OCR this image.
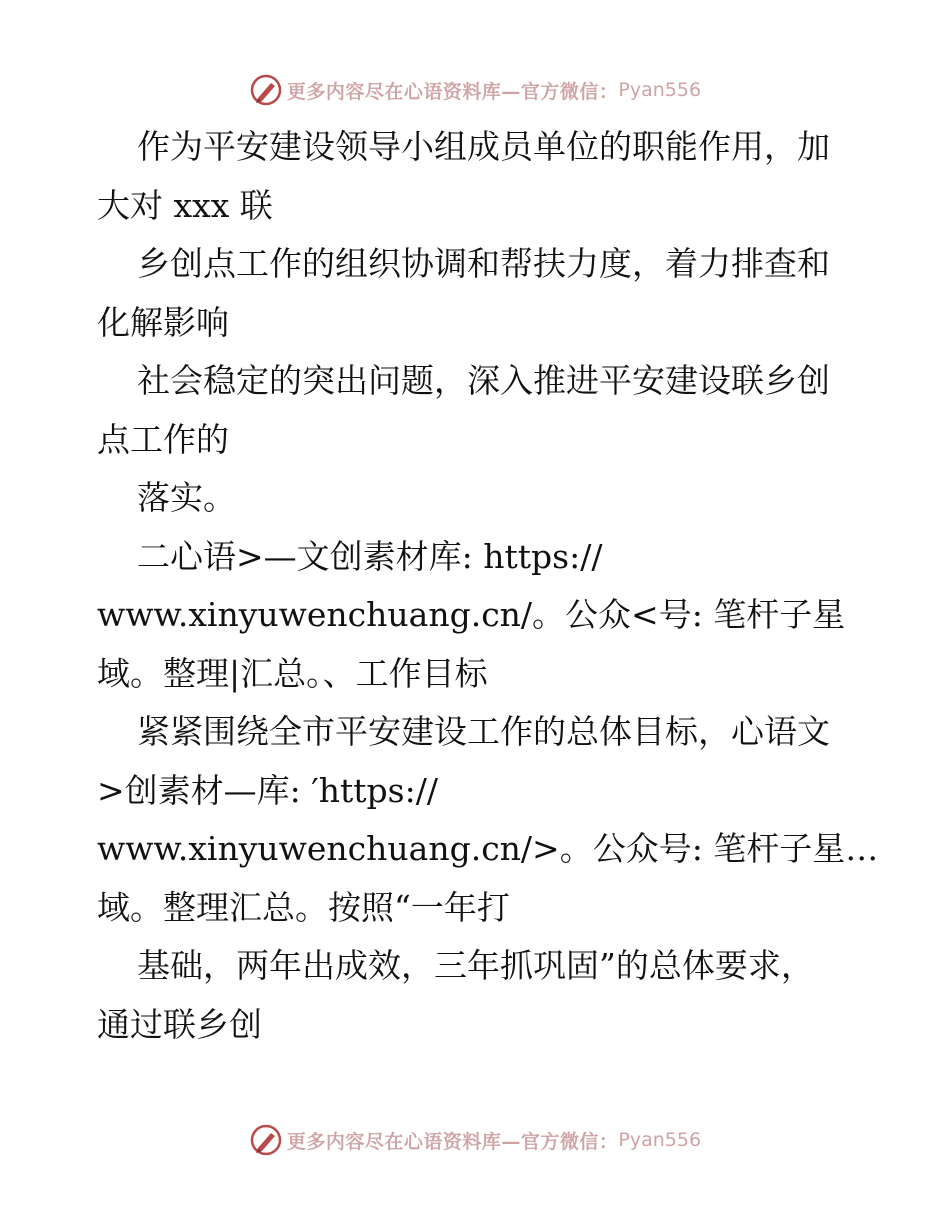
更多内容尽在心语资料库—官方微信： Pyan556
作为平安建设领导小组成员单位的职能作用，加
大对 xxx 联
乡创点工作的组织协调和帮扶力度，着力排查和
化解影响
社会稳定的突出问题，深入推进平安建设联乡创
点工作的
落实。
二心语>—文创素材库: https://
www.xinyuwenchuang.cn/。公众<号: 笔杆子星
域。整理|汇总。、工作目标
紧紧围绕全市平安建设工作的总体目标，心语文
>创素材—库: ′https://
www.xinyuwenchuang.cn/>。公众号: 笔杆子星…
域。整理汇总。按照“一年打
基础，两年出成效，三年抓巩固”的总体要求，
通过联乡创
更多内容尽在心语资料库—官方微信： Pyan556
